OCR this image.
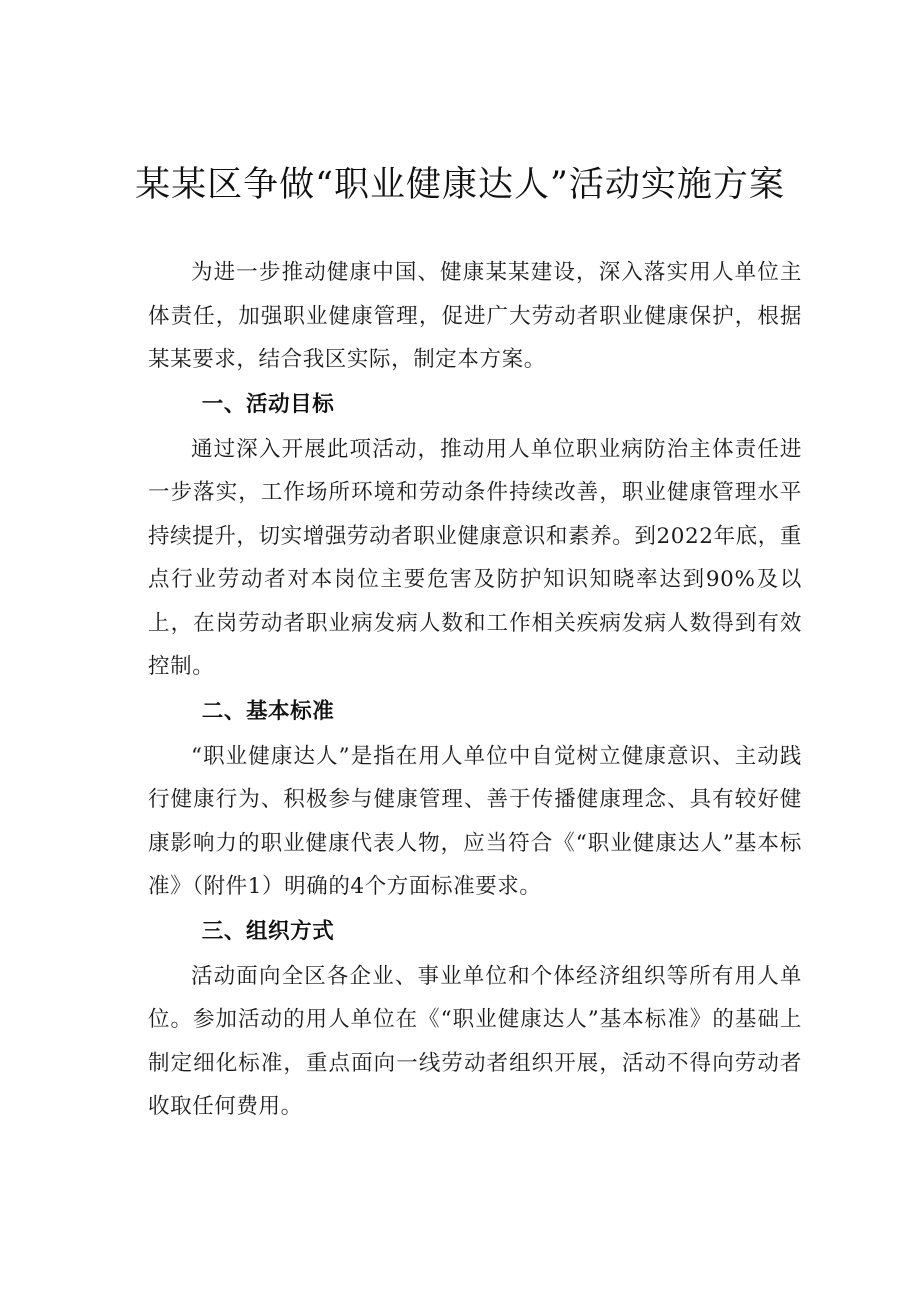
某某区争做“职业健康达人”活动实施方案

为进一步推动健康中国、健康某某建设，深入落实用人单位主体责任，加强职业健康管理，促进广大劳动者职业健康保护，根据某某要求，结合我区实际，制定本方案。

一、活动目标

通过深入开展此项活动，推动用人单位职业病防治主体责任进一步落实，工作场所环境和劳动条件持续改善，职业健康管理水平持续提升，切实增强劳动者职业健康意识和素养。到2022年底，重点行业劳动者对本岗位主要危害及防护知识知晓率达到90%及以上，在岗劳动者职业病发病人数和工作相关疾病发病人数得到有效控制。

二、基本标准

“职业健康达人”是指在用人单位中自觉树立健康意识、主动践行健康行为、积极参与健康管理、善于传播健康理念、具有较好健康影响力的职业健康代表人物，应当符合《“职业健康达人”基本标准》（附件1）明确的4个方面标准要求。

三、组织方式

活动面向全区各企业、事业单位和个体经济组织等所有用人单位。参加活动的用人单位在《“职业健康达人”基本标准》的基础上制定细化标准，重点面向一线劳动者组织开展，活动不得向劳动者收取任何费用。
